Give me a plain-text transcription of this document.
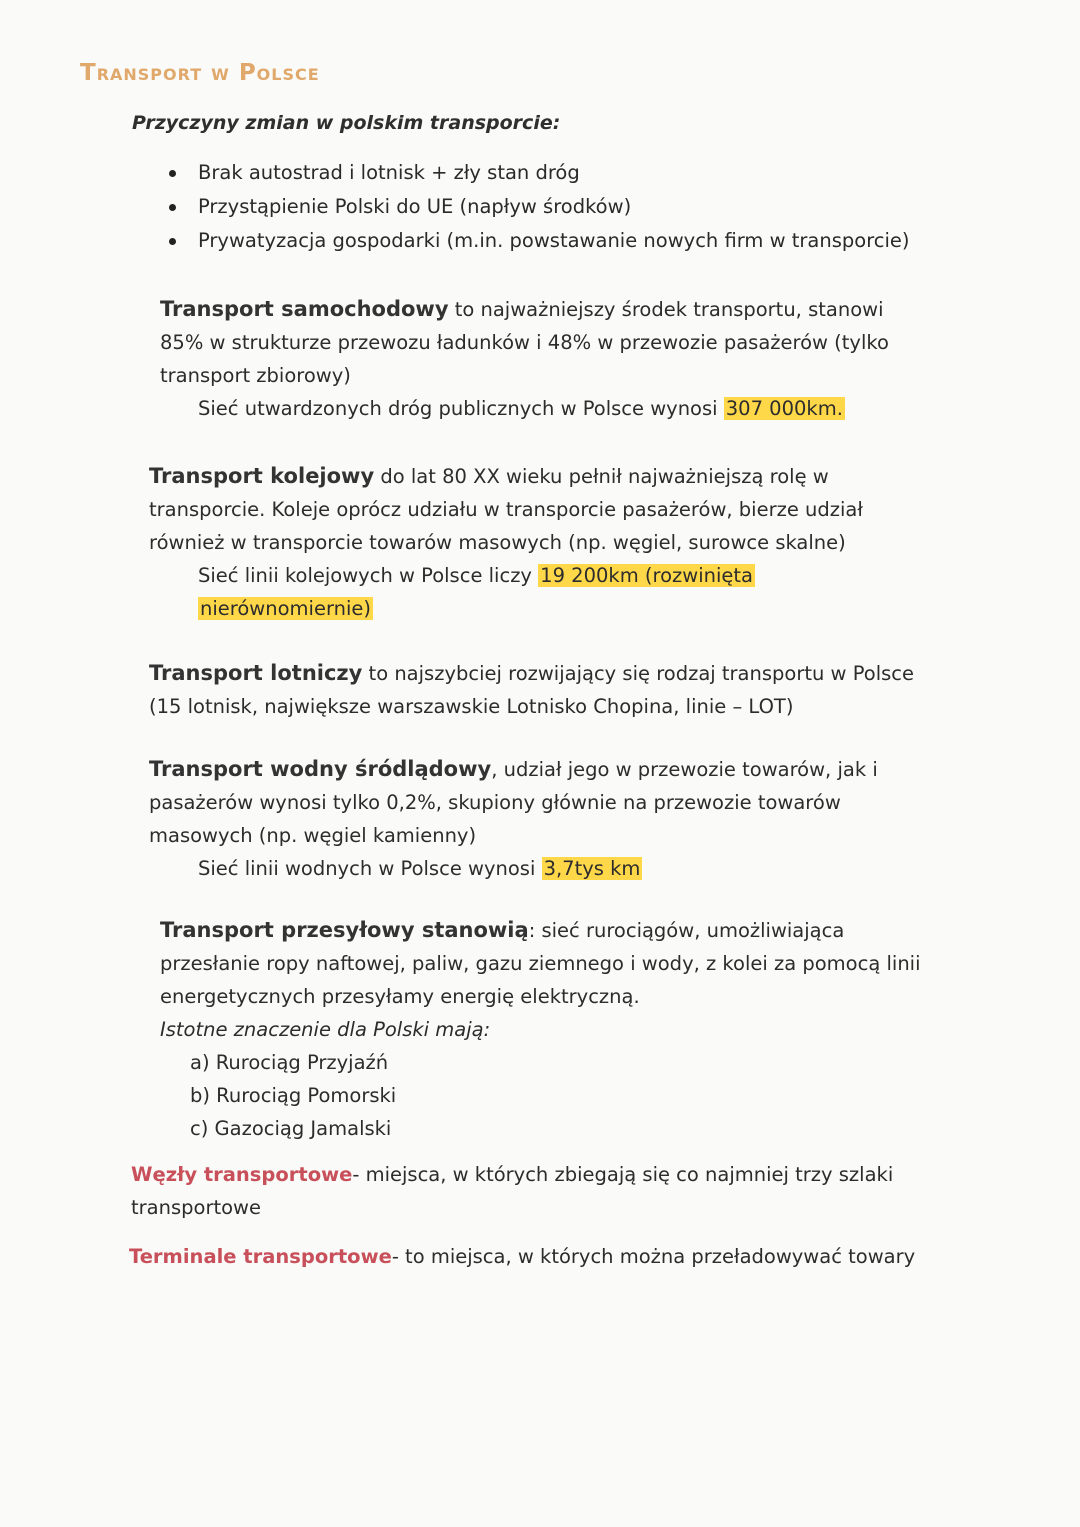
Transport w Polsce
Przyczyny zmian w polskim transporcie:
Brak autostrad i lotnisk + zły stan dróg
Przystąpienie Polski do UE (napływ środków)
Prywatyzacja gospodarki (m.in. powstawanie nowych firm w transporcie)
Transport samochodowy to najważniejszy środek transportu, stanowi
85% w strukturze przewozu ładunków i 48% w przewozie pasażerów (tylko
transport zbiorowy)
Sieć utwardzonych dróg publicznych w Polsce wynosi 307 000km.
Transport kolejowy do lat 80 XX wieku pełnił najważniejszą rolę w
transporcie. Koleje oprócz udziału w transporcie pasażerów, bierze udział
również w transporcie towarów masowych (np. węgiel, surowce skalne)
Sieć linii kolejowych w Polsce liczy 19 200km (rozwinięta
nierównomiernie)
Transport lotniczy to najszybciej rozwijający się rodzaj transportu w Polsce
(15 lotnisk, największe warszawskie Lotnisko Chopina, linie – LOT)
Transport wodny śródlądowy, udział jego w przewozie towarów, jak i
pasażerów wynosi tylko 0,2%, skupiony głównie na przewozie towarów
masowych (np. węgiel kamienny)
Sieć linii wodnych w Polsce wynosi 3,7tys km
Transport przesyłowy stanowią: sieć rurociągów, umożliwiająca
przesłanie ropy naftowej, paliw, gazu ziemnego i wody, z kolei za pomocą linii
energetycznych przesyłamy energię elektryczną.
Istotne znaczenie dla Polski mają:
a) Rurociąg Przyjaźń
b) Rurociąg Pomorski
c) Gazociąg Jamalski
Węzły transportowe- miejsca, w których zbiegają się co najmniej trzy szlaki
transportowe
Terminale transportowe- to miejsca, w których można przeładowywać towary
